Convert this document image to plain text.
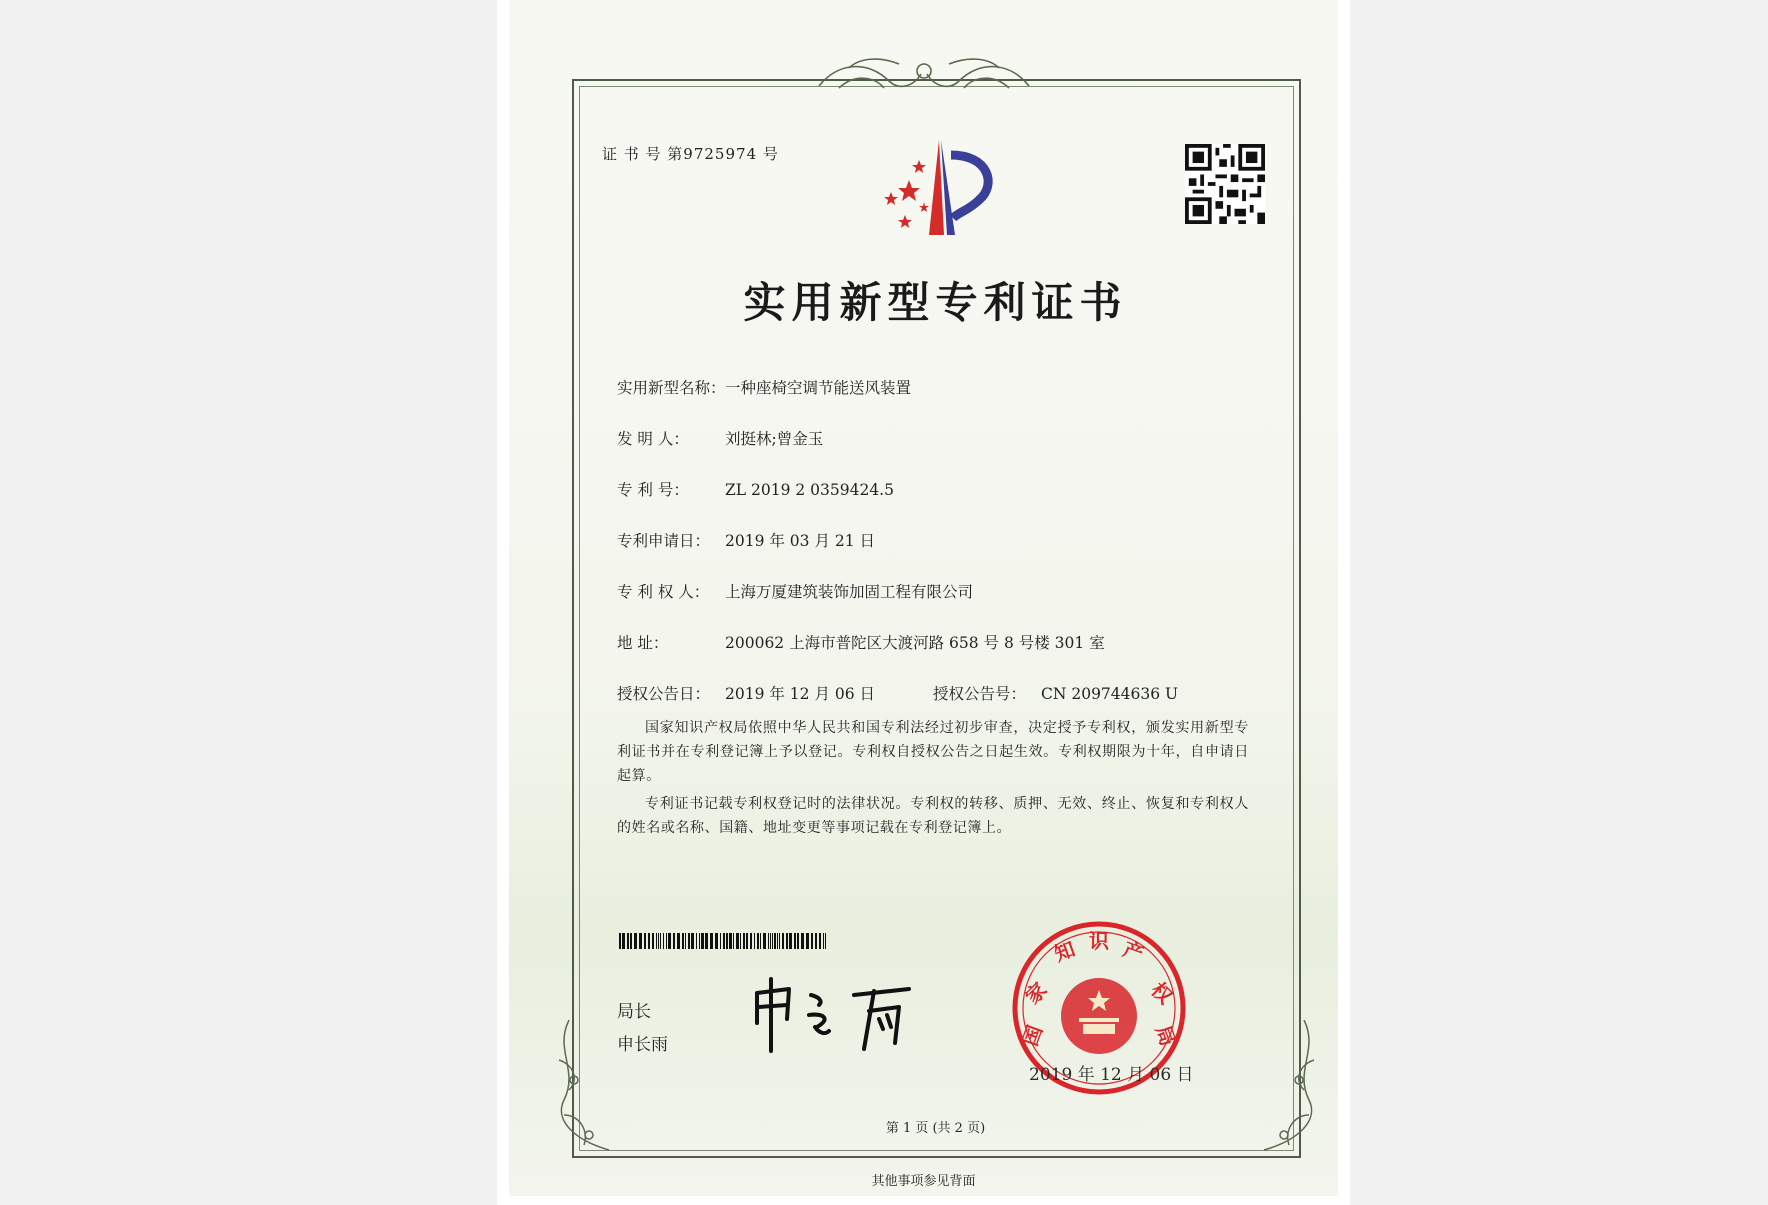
证 书 号 第9725974 号
实用新型专利证书
实用新型名称：一种座椅空调节能送风装置
发 明 人： 刘挺林;曾金玉
专 利 号： ZL 2019 2 0359424.5
专利申请日： 2019 年 03 月 21 日
专 利 权 人： 上海万厦建筑装饰加固工程有限公司
地 址：	200062 上海市普陀区大渡河路 658 号 8 号楼 301 室
授权公告日： 2019 年 12 月 06 日	授权公告号： CN 209744636 U
国家知识产权局依照中华人民共和国专利法经过初步审查，决定授予专利权，颁发实用新型专利证书并在专利登记簿上予以登记。专利权自授权公告之日起生效。专利权期限为十年，自申请日起算。
专利证书记载专利权登记时的法律状况。专利权的转移、质押、无效、终止、恢复和专利权人的姓名或名称、国籍、地址变更等事项记载在专利登记簿上。
局长
申长雨	国
家
知 识 产
权
局
2019 年 12 月 06 日
第 1 页 (共 2 页)
其他事项参见背面
